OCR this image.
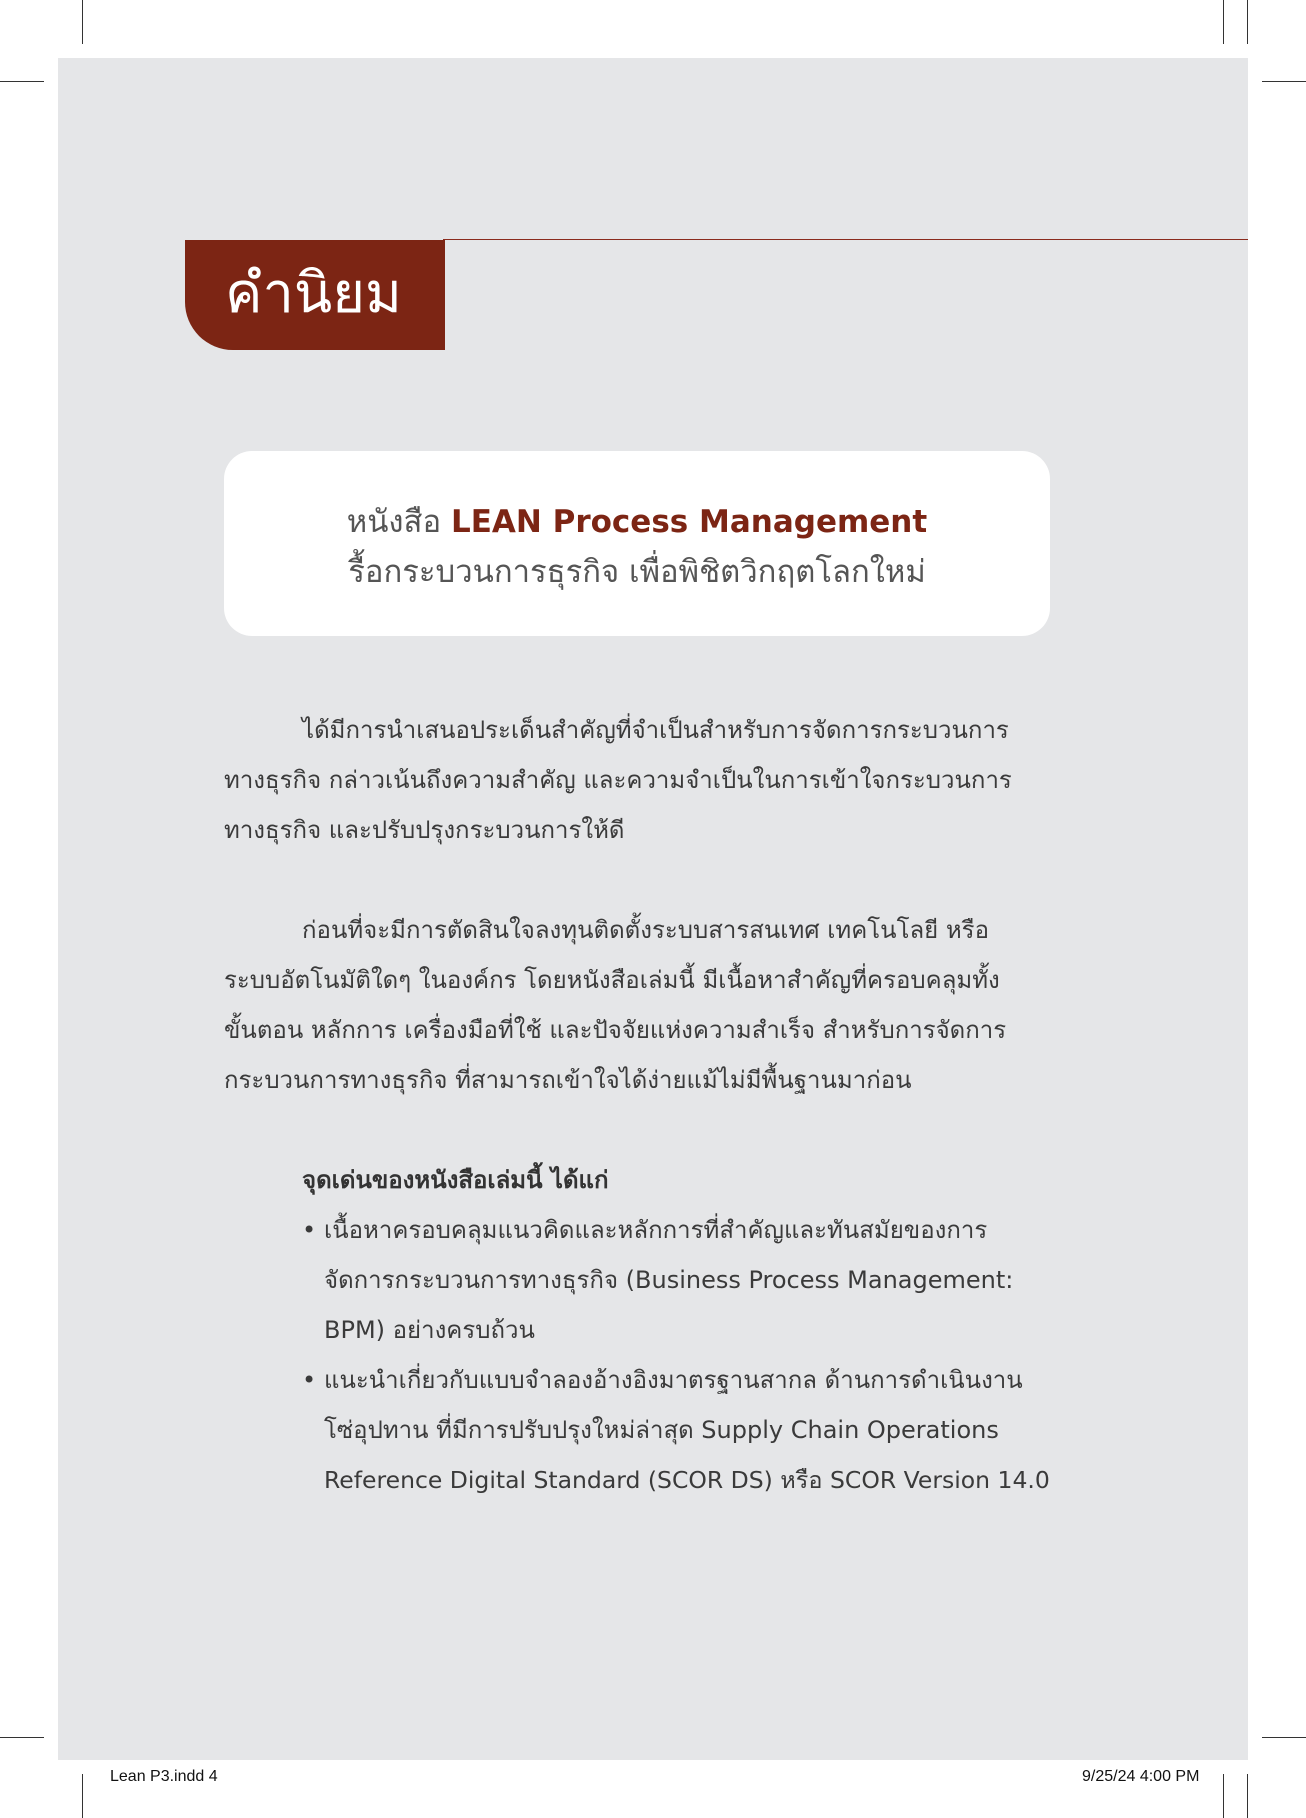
คำนิยม
หนังสือ LEAN Process Management
รื้อกระบวนการธุรกิจ เพื่อพิชิตวิกฤตโลกใหม่
ได้มีการนำเสนอประเด็นสำคัญที่จำเป็นสำหรับการจัดการกระบวนการ
ทางธุรกิจ กล่าวเน้นถึงความสำคัญ และความจำเป็นในการเข้าใจกระบวนการ
ทางธุรกิจ และปรับปรุงกระบวนการให้ดี
ก่อนที่จะมีการตัดสินใจลงทุนติดตั้งระบบสารสนเทศ เทคโนโลยี หรือ
ระบบอัตโนมัติใดๆ ในองค์กร โดยหนังสือเล่มนี้ มีเนื้อหาสำคัญที่ครอบคลุมทั้ง
ขั้นตอน หลักการ เครื่องมือที่ใช้ และปัจจัยแห่งความสำเร็จ สำหรับการจัดการ
กระบวนการทางธุรกิจ ที่สามารถเข้าใจได้ง่ายแม้ไม่มีพื้นฐานมาก่อน
จุดเด่นของหนังสือเล่มนี้ ได้แก่
• เนื้อหาครอบคลุมแนวคิดและหลักการที่สำคัญและทันสมัยของการ
จัดการกระบวนการทางธุรกิจ (Business Process Management:
BPM) อย่างครบถ้วน
• แนะนำเกี่ยวกับแบบจำลองอ้างอิงมาตรฐานสากล ด้านการดำเนินงาน
โซ่อุปทาน ที่มีการปรับปรุงใหม่ล่าสุด Supply Chain Operations
Reference Digital Standard (SCOR DS) หรือ SCOR Version 14.0
Lean P3.indd 4	9/25/24 4:00 PM
